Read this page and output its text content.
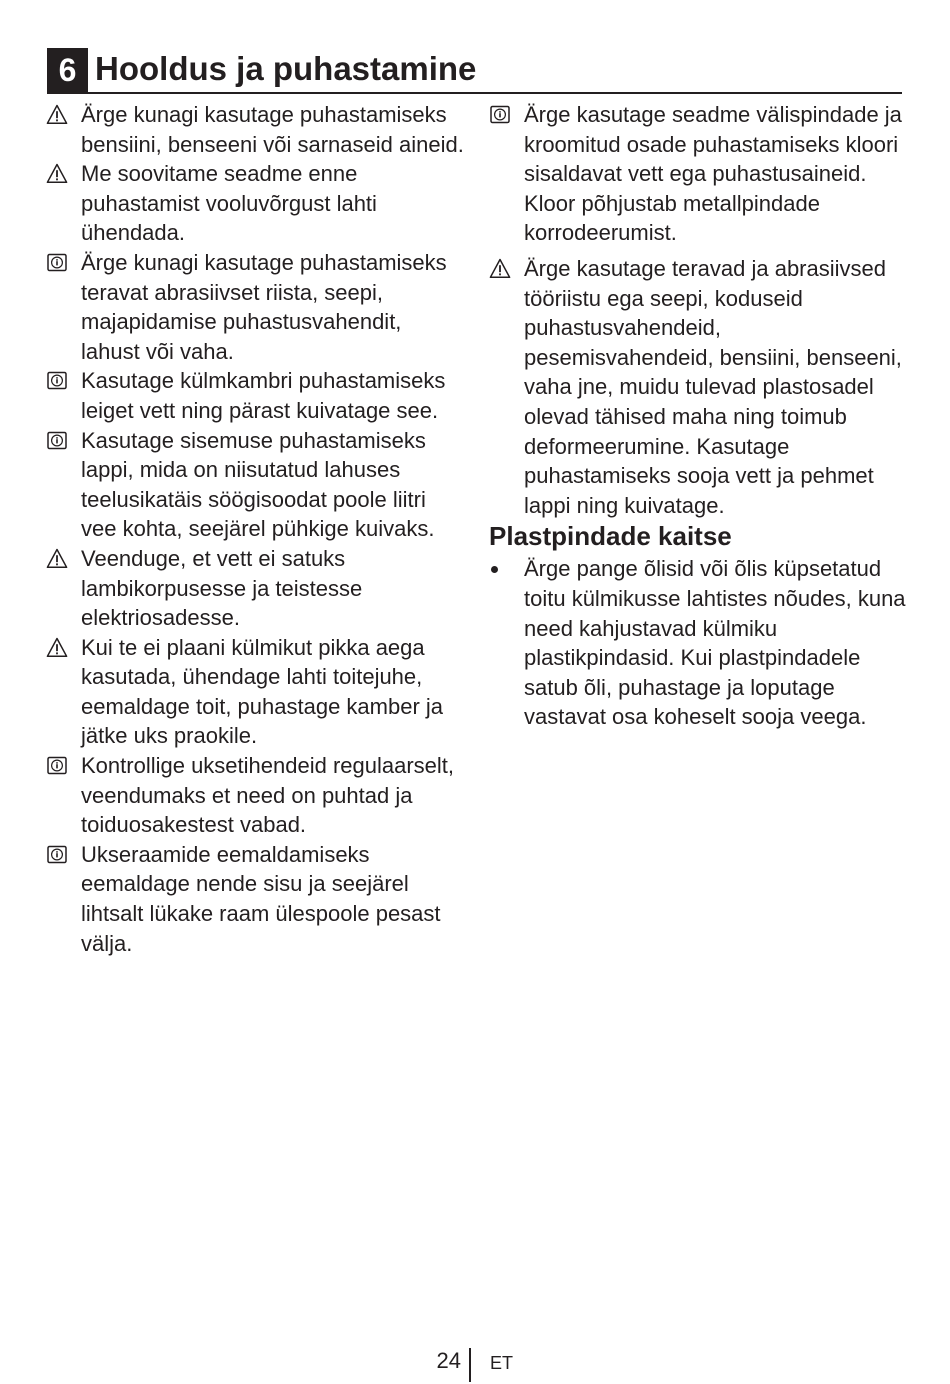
6 Hooldus ja puhastamine
Ärge kunagi kasutage puhastamiseks bensiini, benseeni või sarnaseid aineid.
Me soovitame seadme enne puhastamist vooluvõrgust lahti ühendada.
Ärge kunagi kasutage puhastamiseks teravat abrasiivset riista, seepi, majapidamise puhastusvahendit, lahust või vaha.
Kasutage külmkambri puhastamiseks leiget vett ning pärast kuivatage see.
Kasutage sisemuse puhastamiseks lappi, mida on niisutatud lahuses teelusikatäis söögisoodat poole liitri vee kohta, seejärel pühkige kuivaks.
Veenduge, et vett ei satuks lambikorpusesse ja teistesse elektriosadesse.
Kui te ei plaani külmikut pikka aega kasutada, ühendage lahti toitejuhe, eemaldage toit, puhastage kamber ja jätke uks praokile.
Kontrollige uksetihendeid regulaarselt, veendumaks et need on puhtad ja toiduosakestest vabad.
Ukseraamide eemaldamiseks eemaldage nende sisu ja seejärel lihtsalt lükake raam ülespoole pesast välja.
Ärge kasutage seadme välispindade ja kroomitud osade puhastamiseks kloori sisaldavat vett ega puhastusaineid. Kloor põhjustab metallpindade korrodeerumist.
Ärge kasutage teravad ja abrasiivsed tööriistu ega seepi, koduseid puhastusvahendeid, pesemisvahendeid, bensiini, benseeni, vaha jne, muidu tulevad plastosadel olevad tähised maha ning toimub deformeerumine. Kasutage puhastamiseks sooja vett ja pehmet lappi ning kuivatage.
Plastpindade kaitse
Ärge pange õlisid või õlis küpsetatud toitu külmikusse lahtistes nõudes, kuna need kahjustavad külmiku plastikpindasid. Kui plastpindadele satub õli, puhastage ja loputage vastavat osa koheselt sooja veega.
24 ET
